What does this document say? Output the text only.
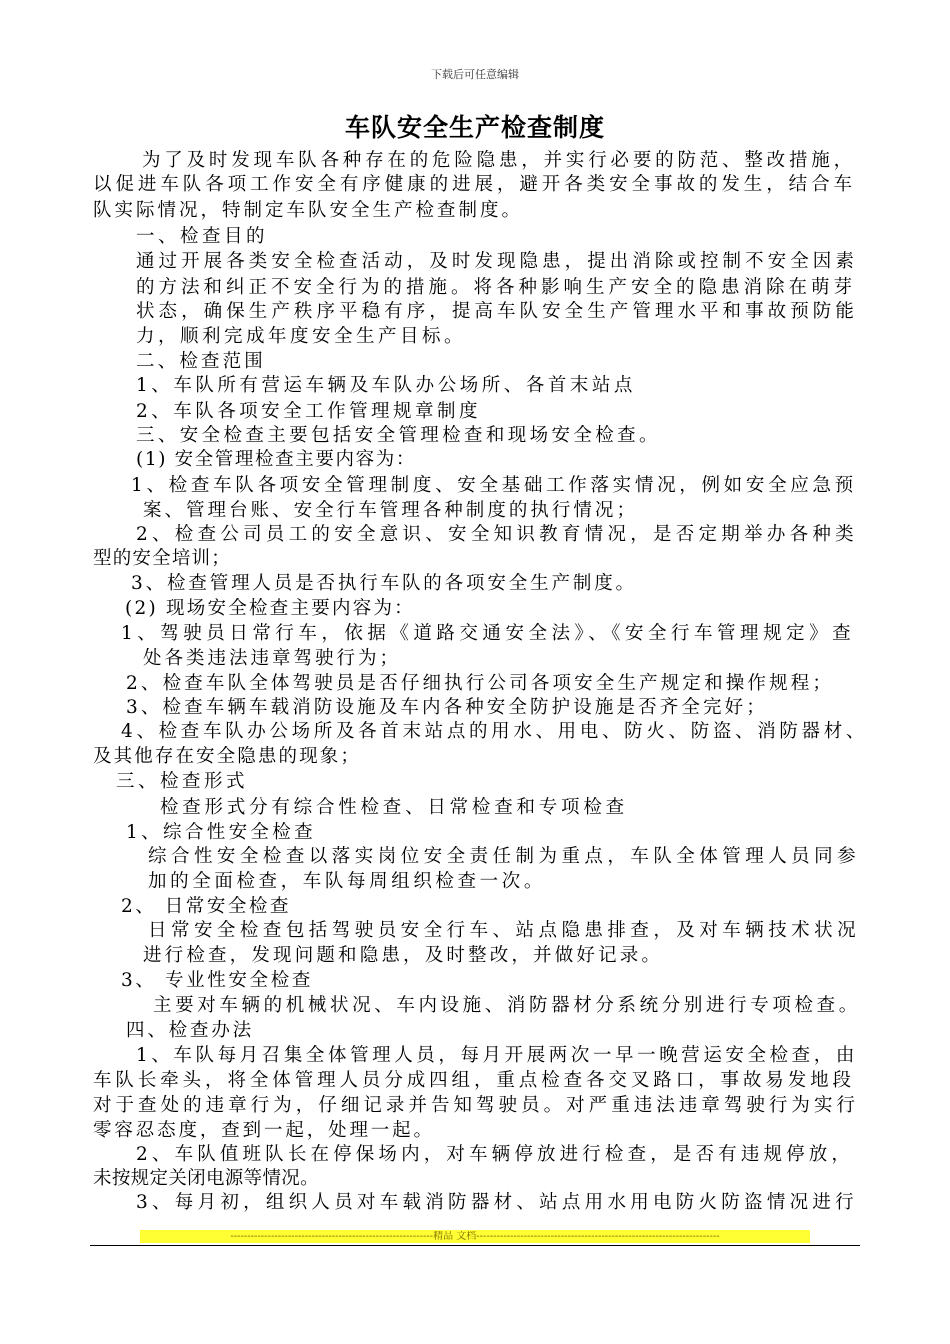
下载后可任意编辑
车队安全生产检查制度
为了及时发现车队各种存在的危险隐患，并实行必要的防范、整改措施，
以促进车队各项工作安全有序健康的进展，避开各类安全事故的发生，结合车
队实际情况，特制定车队安全生产检查制度。
一、检查目的
通过开展各类安全检查活动，及时发现隐患，提出消除或控制不安全因素
的方法和纠正不安全行为的措施。将各种影响生产安全的隐患消除在萌芽
状态，确保生产秩序平稳有序，提高车队安全生产管理水平和事故预防能
力，顺利完成年度安全生产目标。
二、检查范围
1、车队所有营运车辆及车队办公场所、各首末站点
2、车队各项安全工作管理规章制度
三、安全检查主要包括安全管理检查和现场安全检查。
(1) 安全管理检查主要内容为：
1、检查车队各项安全管理制度、安全基础工作落实情况，例如安全应急预
案、管理台账、安全行车管理各种制度的执行情况；
2、检查公司员工的安全意识、安全知识教育情况，是否定期举办各种类
型的安全培训；
3、检查管理人员是否执行车队的各项安全生产制度。
(2) 现场安全检查主要内容为：
1、驾驶员日常行车，依据《道路交通安全法》、《安全行车管理规定》查
处各类违法违章驾驶行为；
2、检查车队全体驾驶员是否仔细执行公司各项安全生产规定和操作规程；
3、检查车辆车载消防设施及车内各种安全防护设施是否齐全完好；
4、检查车队办公场所及各首末站点的用水、用电、防火、防盗、消防器材、
及其他存在安全隐患的现象；
三、检查形式
检查形式分有综合性检查、日常检查和专项检查
1、综合性安全检查
综合性安全检查以落实岗位安全责任制为重点，车队全体管理人员同参
加的全面检查，车队每周组织检查一次。
2、 日常安全检查
日常安全检查包括驾驶员安全行车、站点隐患排查，及对车辆技术状况
进行检查，发现问题和隐患，及时整改，并做好记录。
3、 专业性安全检查
主要对车辆的机械状况、车内设施、消防器材分系统分别进行专项检查。
四、检查办法
1、车队每月召集全体管理人员，每月开展两次一早一晚营运安全检查，由
车队长牵头，将全体管理人员分成四组，重点检查各交叉路口，事故易发地段
对于查处的违章行为，仔细记录并告知驾驶员。对严重违法违章驾驶行为实行
零容忍态度，查到一起，处理一起。
2、车队值班队长在停保场内，对车辆停放进行检查，是否有违规停放，
未按规定关闭电源等情况。
3、每月初，组织人员对车载消防器材、站点用水用电防火防盗情况进行
------------------------------------------------------------精品 文档------------------------------------------------------------------------
